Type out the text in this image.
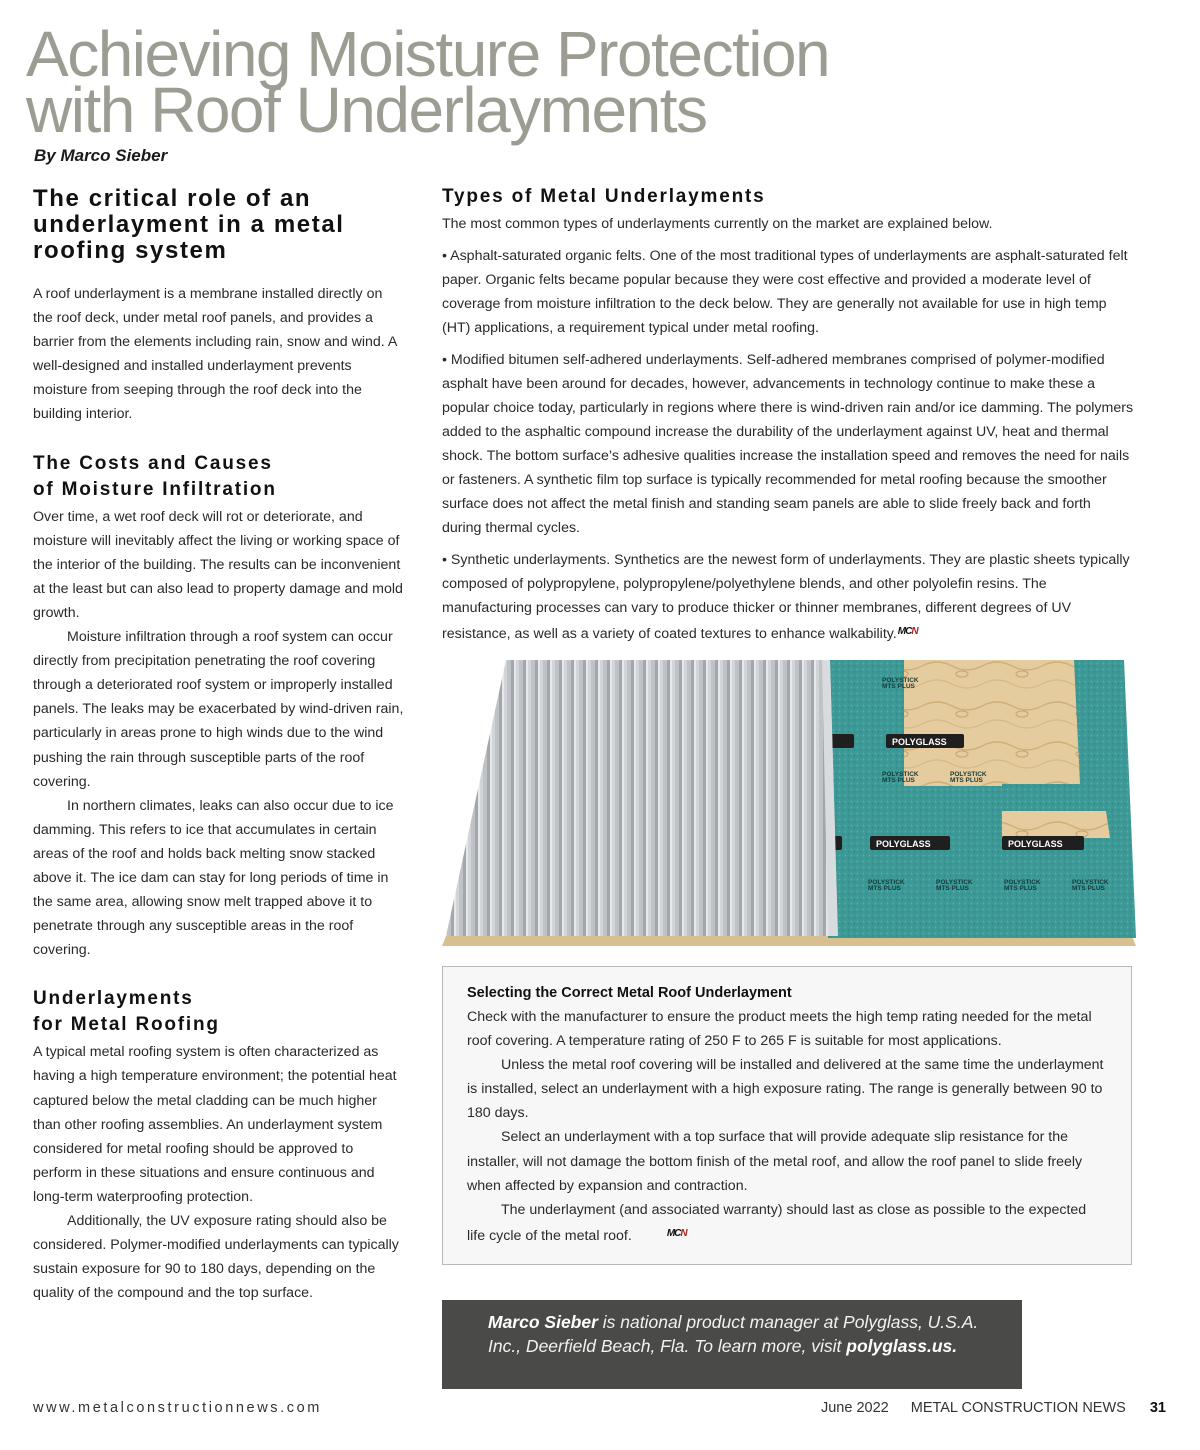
Achieving Moisture Protection
with Roof Underlayments
By Marco Sieber
The critical role of an underlayment in a metal roofing system

A roof underlayment is a membrane installed directly on the roof deck, under metal roof panels, and provides a barrier from the elements including rain, snow and wind. A well-designed and installed underlayment prevents moisture from seeping through the roof deck into the building interior.

The Costs and Causes
of Moisture Infiltration

Over time, a wet roof deck will rot or deteriorate, and moisture will inevitably affect the living or working space of the interior of the building. The results can be inconvenient at the least but can also lead to property damage and mold growth.

Moisture infiltration through a roof system can occur directly from precipitation penetrating the roof covering through a deteriorated roof system or improperly installed panels. The leaks may be exacerbated by wind-driven rain, particularly in areas prone to high winds due to the wind pushing the rain through susceptible parts of the roof covering.

In northern climates, leaks can also occur due to ice damming. This refers to ice that accumulates in certain areas of the roof and holds back melting snow stacked above it. The ice dam can stay for long periods of time in the same area, allowing snow melt trapped above it to penetrate through any susceptible areas in the roof covering.

Underlayments
for Metal Roofing

A typical metal roofing system is often characterized as having a high temperature environment; the potential heat captured below the metal cladding can be much higher than other roofing assemblies. An underlayment system considered for metal roofing should be approved to perform in these situations and ensure continuous and long-term waterproofing protection.

Additionally, the UV exposure rating should also be considered. Polymer-modified underlayments can typically sustain exposure for 90 to 180 days, depending on the quality of the compound and the top surface.

Types of Metal Underlayments

The most common types of underlayments currently on the market are explained below.

• Asphalt-saturated organic felts. One of the most traditional types of underlayments are asphalt-saturated felt paper. Organic felts became popular because they were cost effective and provided a moderate level of coverage from moisture infiltration to the deck below. They are generally not available for use in high temp (HT) applications, a requirement typical under metal roofing.

• Modified bitumen self-adhered underlayments. Self-adhered membranes comprised of polymer-modified asphalt have been around for decades, however, advancements in technology continue to make these a popular choice today, particularly in regions where there is wind-driven rain and/or ice damming. The polymers added to the asphaltic compound increase the durability of the underlayment against UV, heat and thermal shock. The bottom surface’s adhesive qualities increase the installation speed and removes the need for nails or fasteners. A synthetic film top surface is typically recommended for metal roofing because the smoother surface does not affect the metal finish and standing seam panels are able to slide freely back and forth during thermal cycles.

• Synthetic underlayments. Synthetics are the newest form of underlayments. They are plastic sheets typically composed of polypropylene, polypropylene/polyethylene blends, and other polyolefin resins. The manufacturing processes can vary to produce thicker or thinner membranes, different degrees of UV resistance, as well as a variety of coated textures to enhance walkability.MCN

POLYGLASS
POLYGLASS	POLYGLASS
POLYSTICK
MTS PLUS
POLYSTICK
MTS PLUS
POLYSTICK
MTS PLUS
POLYSTICK
MTS PLUS
POLYSTICK
MTS PLUS
POLYSTICK
MTS PLUS
POLYSTICK
MTS PLUS
Selecting the Correct Metal Roof Underlayment

Check with the manufacturer to ensure the product meets the high temp rating needed for the metal roof covering. A temperature rating of 250 F to 265 F is suitable for most applications.

Unless the metal roof covering will be installed and delivered at the same time the underlayment is installed, select an underlayment with a high exposure rating. The range is generally between 90 to 180 days.

Select an underlayment with a top surface that will provide adequate slip resistance for the installer, will not damage the bottom finish of the metal roof, and allow the roof panel to slide freely when affected by expansion and contraction.

The underlayment (and associated warranty) should last as close as possible to the expected life cycle of the metal roof.	MCN

Marco Sieber is national product manager at Polyglass, U.S.A. Inc., Deerfield Beach, Fla. To learn more, visit polyglass.us.
www.metalconstructionnews.com	June 2022 METAL CONSTRUCTION NEWS 31
